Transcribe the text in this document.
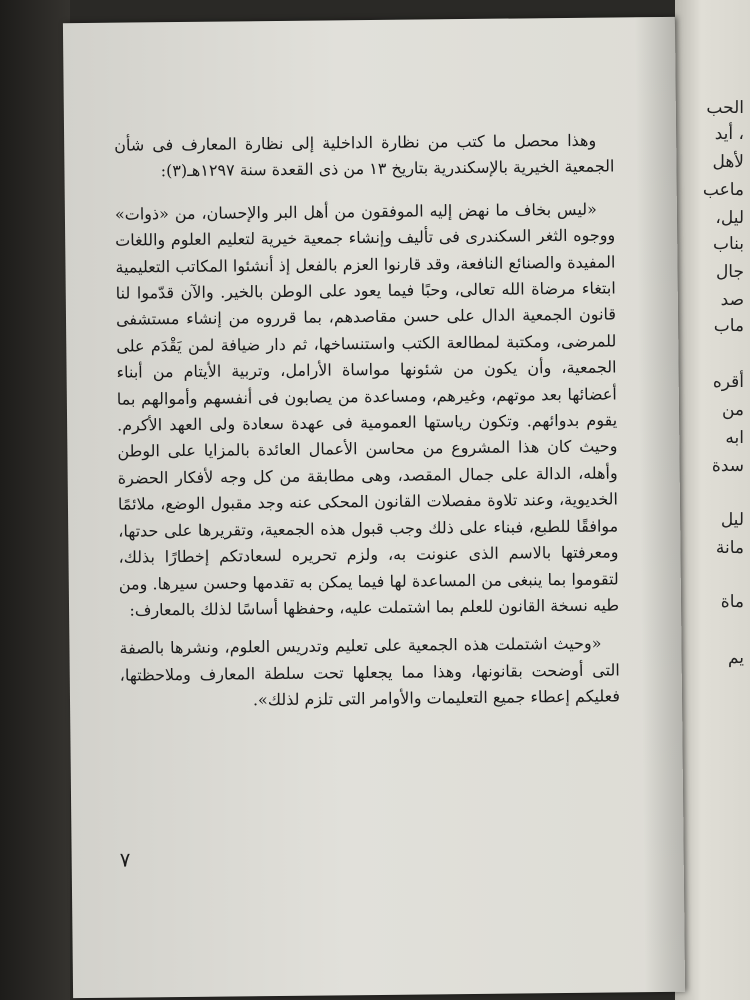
الحب
، أيد
لأهل
ماعب
ليل،
بناب
جال
صد
ماب
أقره
من
ابه
سدة
ليل
مانة
ماة
يم

وهذا محصل ما كتب من نظارة الداخلية إلى نظارة المعارف فى شأن الجمعية الخيرية بالإسكندرية بتاريخ ١٣ من ذى القعدة سنة ١٢٩٧هـ(٣):

«ليس بخاف ما نهض إليه الموفقون من أهل البر والإحسان، من «ذوات» ووجوه الثغر السكندرى فى تأليف وإنشاء جمعية خيرية لتعليم العلوم واللغات المفيدة والصنائع النافعة، وقد قارنوا العزم بالفعل إذ أنشئوا المكاتب التعليمية ابتغاء مرضاة الله تعالى، وحبًا فيما يعود على الوطن بالخير. والآن قدّموا لنا قانون الجمعية الدال على حسن مقاصدهم، بما قرروه من إنشاء مستشفى للمرضى، ومكتبة لمطالعة الكتب واستنساخها، ثم دار ضيافة لمن يَقْدَم على الجمعية، وأن يكون من شئونها مواساة الأرامل، وتربية الأيتام من أبناء أعضائها بعد موتهم، وغيرهم، ومساعدة من يصابون فى أنفسهم وأموالهم بما يقوم بدوائهم. وتكون رياستها العمومية فى عهدة سعادة ولى العهد الأكرم. وحيث كان هذا المشروع من محاسن الأعمال العائدة بالمزايا على الوطن وأهله، الدالة على جمال المقصد، وهى مطابقة من كل وجه لأفكار الحضرة الخديوية، وعند تلاوة مفصلات القانون المحكى عنه وجد مقبول الوضع، ملائمًا موافقًا للطبع، فبناء على ذلك وجب قبول هذه الجمعية، وتقريرها على حدتها، ومعرفتها بالاسم الذى عنونت به، ولزم تحريره لسعادتكم إخطارًا بذلك، لتقوموا بما ينبغى من المساعدة لها فيما يمكن به تقدمها وحسن سيرها. ومن طيه نسخة القانون للعلم بما اشتملت عليه، وحفظها أساسًا لذلك بالمعارف:

«وحيث اشتملت هذه الجمعية على تعليم وتدريس العلوم، ونشرها بالصفة التى أوضحت بقانونها، وهذا مما يجعلها تحت سلطة المعارف وملاحظتها، فعليكم إعطاء جميع التعليمات والأوامر التى تلزم لذلك».

٧
